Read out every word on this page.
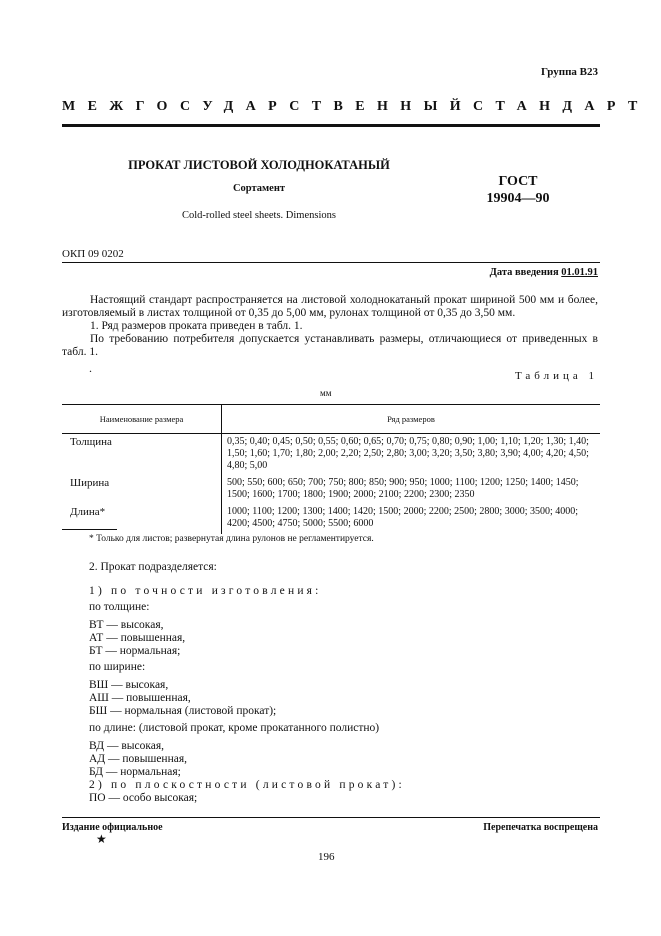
Группа В23
МЕЖГОСУДАРСТВЕННЫЙ СТАНДАРТ
ПРОКАТ ЛИСТОВОЙ ХОЛОДНОКАТАНЫЙ
Сортамент
Cold-rolled steel sheets. Dimensions
ГОСТ
19904—90
ОКП 09 0202
Дата введения 01.01.91
Настоящий стандарт распространяется на листовой холоднокатаный прокат шириной 500 мм и более, изготовляемый в листах толщиной от 0,35 до 5,00 мм, рулонах толщиной от 0,35 до 3,50 мм.
1. Ряд размеров проката приведен в табл. 1.
По требованию потребителя допускается устанавливать размеры, отличающиеся от приведенных в табл. 1.
.
Таблица 1
мм
Наименование размера	Ряд размеров
Толщина	0,35; 0,40; 0,45; 0,50; 0,55; 0,60; 0,65; 0,70; 0,75; 0,80; 0,90; 1,00; 1,10; 1,20; 1,30; 1,40; 1,50; 1,60; 1,70; 1,80; 2,00; 2,20; 2,50; 2,80; 3,00; 3,20; 3,50; 3,80; 3,90; 4,00; 4,20; 4,50; 4,80; 5,00
Ширина	500; 550; 600; 650; 700; 750; 800; 850; 900; 950; 1000; 1100; 1200; 1250; 1400; 1450; 1500; 1600; 1700; 1800; 1900; 2000; 2100; 2200; 2300; 2350
Длина*	1000; 1100; 1200; 1300; 1400; 1420; 1500; 2000; 2200; 2500; 2800; 3000; 3500; 4000; 4200; 4500; 4750; 5000; 5500; 6000
* Только для листов; развернутая длина рулонов не регламентируется.
2. Прокат подразделяется:
1) по точности изготовления:
по толщине:
ВТ — высокая,
АТ — повышенная,
БТ — нормальная;
по ширине:
ВШ — высокая,
АШ — повышенная,
БШ — нормальная (листовой прокат);
по длине: (листовой прокат, кроме прокатанного полистно)
ВД — высокая,
АД — повышенная,
БД — нормальная;
2) по плоскостности (листовой прокат):
ПО — особо высокая;
Издание официальное
★
Перепечатка воспрещена
196
